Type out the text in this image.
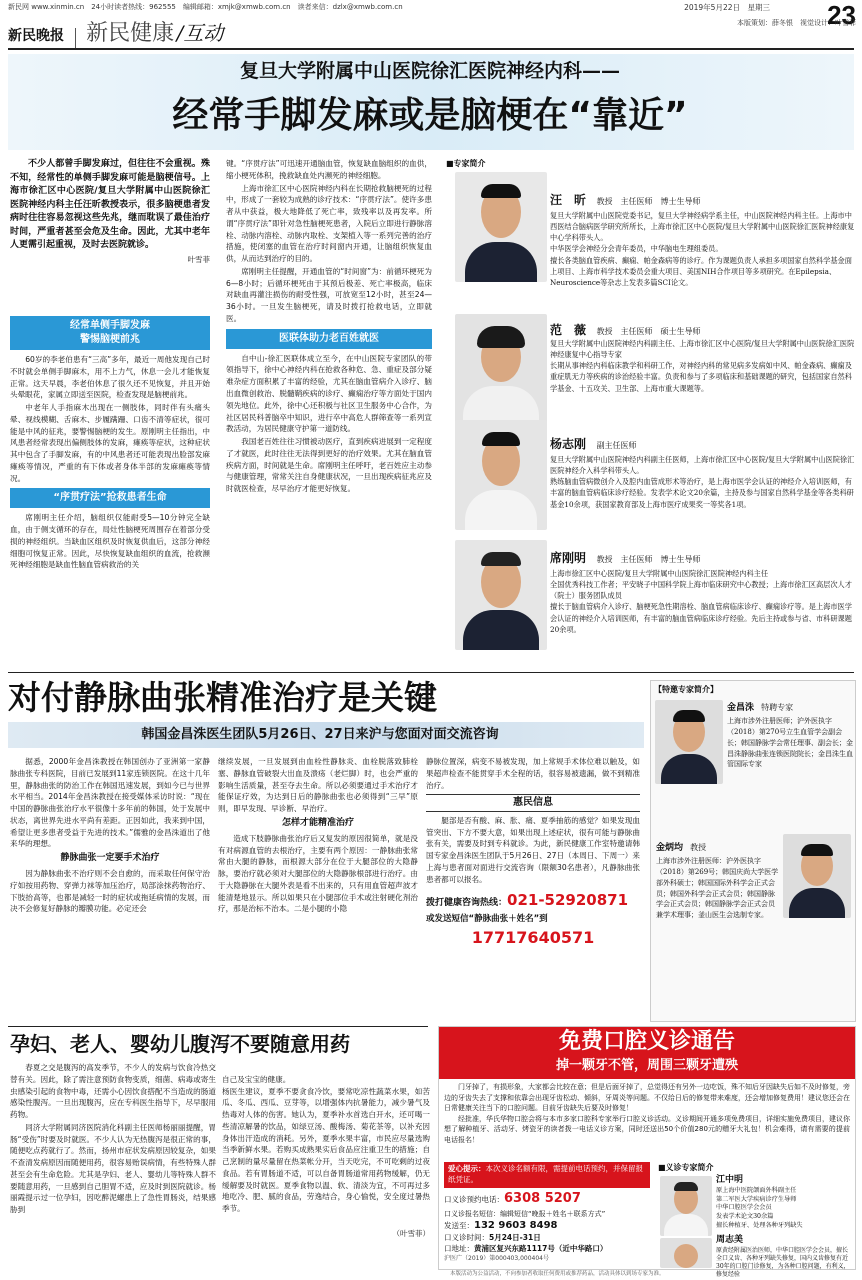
新民网 www.xinmin.cn　24小时读者热线：962555　编辑邮箱：xmjk@xmwb.com.cn　读者来信：dzlx@xmwb.com.cn	2019年5月22日　星期三	23
新民晚报 新民健康 /互动	本版策划：薛冬银　视觉设计：叶雪菲
复旦大学附属中山医院徐汇医院神经内科——
经常手脚发麻或是脑梗在“靠近”

不少人都曾手脚发麻过，但往往不会重视。殊不知，经常性的单侧手脚发麻可能是脑梗信号。上海市徐汇区中心医院/复旦大学附属中山医院徐汇医院神经内科主任汪昕教授表示，很多脑梗患者发病时往往容易忽视这些先兆，继而耽误了最佳治疗时间，严重者甚至会危及生命。因此，尤其中老年人更需引起重视，及时去医院就诊。

叶雪菲
经常单侧手脚发麻
警惕脑梗前兆

60岁的李老伯患有“三高”多年，最近一周他发现自己时不时就会单侧手脚麻木，用不上力气，休息一会儿才能恢复正常。这天早晨，李老伯休息了很久还不见恢复，并且开始头晕眼花，家属立即送至医院，检查发现是脑梗前兆。

中老年人手指麻木出现在一侧肢体，同时伴有头痛头晕、视线模糊、舌麻木、步履蹒跚、口齿不清等症状，很可能是中风的征兆，要警惕脑梗的发生。原刚明主任指出，中风患者经常表现出偏侧肢体的发麻，瘫痪等症状，这种症状其中包含了手脚发麻，有的中风患者还可能表现出脸部发麻瘫痪等情况，严重的有下体或者身体半部的发麻瘫痪等情况。

“序贯疗法”抢救患者生命

席刚明主任介绍，脑组织仅能耐受5—10分钟完全缺血，由于侧支循环的存在，局灶性脑梗死周围存在着部分受损的神经组织。当缺血区组织及时恢复供血后，这部分神经细胞可恢复正常。因此，尽快恢复缺血组织的血流，抢救濒死神经细胞是缺血性脑血管病救治的关

键。“序贯疗法”可迅速开通脑血管，恢复缺血脑组织的血供，缩小梗死体积，挽救缺血处内濒死的神经细胞。

上海市徐汇区中心医院神经内科在长期抢救脑梗死的过程中，形成了一套较为成熟的诊疗技术：“序贯疗法”。使许多患者从中获益，极大地降低了死亡率，致残率以及再发率。所谓“序贯疗法”即针对急性脑梗死患者，入院后立即进行静脉溶栓、动脉内溶栓、动脉内取栓、支架植入等一系列完善的治疗措施，使闭塞的血管在治疗时间窗内开通，让脑组织恢复血供，从而达到治疗的目的。

席刚明主任提醒，开通血管的“时间窗”为：前循环梗死为6—8小时；后循环梗死由于其预后极差、死亡率极高，临床对缺血再灌注损伤的耐受性强，可放宽至12小时，甚至24—36小时。一旦发生脑梗死，请及时拨打抢救电话，立即就医。

医联体助力老百姓就医

自中山-徐汇医联体成立至今，在中山医院专家团队的带领指导下，徐中心神经内科在抢救各种危、急、重症及部分疑难杂症方面积累了丰富的经验，尤其在脑血管病介入诊疗、脑出血微创救治、脱髓鞘疾病的诊疗、癫痫治疗等方面处于国内领先地位。此外，徐中心还积极与社区卫生服务中心合作，为社区居民科普脑卒中知识，进行卒中高危人群筛查等一系列宣教活动，为居民健康守护第一道防线。

我国老百姓往往习惯被动医疗，直到疾病进展到一定程度了才就医，此时往往无法得到更好的治疗效果。尤其在脑血管疾病方面，时间就是生命。席刚明主任呼吁，老百姓应主动参与健康管理，常常关注自身健康状况，一旦出现疾病征兆应及时就医检查，尽早治疗才能更好恢复。

■专家简介
汪　昕 教授　主任医师　博士生导师
复旦大学附属中山医院党委书记，复旦大学神经病学系主任，中山医院神经内科主任。上海市中西医结合脑病医学研究所所长，上海市徐汇区中心医院/复旦大学附属中山医院徐汇医院神经康复中心学科带头人。
中华医学会神经分会青年委员，中华脑电生理组委员。
擅长各类脑血管疾病、癫痫、帕金森病等的诊疗。作为课题负责人承担多项国家自然科学基金面上项目、上海市科学技术委员会重大项目、美国NIH合作项目等多项研究。在Epilepsia、Neuroscience等杂志上发表多篇SCI论文。
范　薇 教授　主任医师　硕士生导师
复旦大学附属中山医院神经内科副主任、上海市徐汇区中心医院/复旦大学附属中山医院徐汇医院神经康复中心指导专家
长期从事神经内科临床教学和科研工作，对神经内科的常见病多发病如中风、帕金森病、癫痫及重症肌无力等疾病的诊治经验丰富。负责和参与了多项临床和基础课题的研究，包括国家自然科学基金、十五攻关、卫生部、上海市重大课题等。
杨志刚 副主任医师
复旦大学附属中山医院神经内科副主任医师，上海市徐汇区中心医院/复旦大学附属中山医院徐汇医院神经介入科学科带头人。
熟练脑血管病微创介入及腔内血管成形术等治疗，是上海市医学会认证的神经介入培训医师，有丰富的脑血管病临床诊疗经验。发表学术论文20余篇，主持及参与国家自然科学基金等各类科研基金10余项，获国家教育部及上海市医疗成果奖一等奖各1项。
席刚明 教授　主任医师　博士生导师
上海市徐汇区中心医院/复旦大学附属中山医院徐汇医院神经内科主任
全国优秀科技工作者；平安晓子中国科学院上海市临床研究中心教授；上海市徐汇区高层次人才（院士）服务团队成员
擅长于脑血管病介入诊疗、脑梗死急性期溶栓、脑血管病临床诊疗、癫痫诊疗等。是上海市医学会认证的神经介入培训医师，有丰富的脑血管病临床诊疗经验。先后主持或参与省、市科研课题20余项。
对付静脉曲张精准治疗是关键
韩国金昌洙医生团队5月26日、27日来沪与您面对面交流咨询

据悉，2000年金昌洙教授在韩国创办了亚洲第一家静脉曲张专科医院，目前已发展到11家连锁医院。在这十几年里，静脉曲张的防治工作在韩国迅速发展，到如今已与世界水平相当。2014年金昌洙教授在接受媒体采访时说：“现在中国的静脉曲张治疗水平很像十多年前的韩国，处于发展中状态，离世界先进水平尚有差距。正因如此，我来到中国，希望让更多患者受益于先进的技术。”儒雅的金昌洙道出了他来华的理想。

静脉曲张一定要手术治疗

因为静脉曲张不治疗则不会自愈的，而采取任何保守治疗如按用药物、穿弹力袜等加压治疗，局部涂抹药物治疗、下肢抬高等，也都是减轻一时的症状或拖延病情的发展，而决不会修复好静脉的瓣膜功能。必定还会

继续发展，一旦发展到由血栓性静脉炎、血栓脱落致肺栓塞、静脉血管破裂大出血及溃疡（老烂脚）时，也会严重的影响生活质量，甚至夺去生命。所以必须要通过手术治疗才能保证疗效，为达到日后的静脉曲张也必须得到“三早”原则，即早发现、早诊断、早治疗。

怎样才能精准治疗

造成下肢静脉曲张治疗后又复发的原因很简单，就是没有对病源血管的去根治疗，主要有两个原因：一静脉曲张常常由大腿的静脉，而根源大部分在位于大腿部位的大隐静脉，要治疗就必须对大腿部位的大隐静脉根部进行治疗。由于大隐静脉在大腿外表是看不出来的，只有用血管超声波才能清楚地显示。所以如果只在小腿部位手术或注射硬化剂治疗，那是治标不治本。二是小腿的小隐

静脉位置深，病变不易被发现，加上常规手术体位难以触及，如果超声检查不能贯穿手术全程的话，很容易被遗漏，做不到精准治疗。

惠民信息

腿部是否有酸、麻、胀、痛、夏季抽筋的感觉？如果发现血管突出、下方不要大意，如果出现上述症状，很有可能与静脉曲张有关，需要及时到专科就诊。为此，新民健康工作室特邀请韩国专家金昌洙医生团队于5月26日、27日（本周日、下周一）来上海与患者面对面进行交流咨询（限额30名患者），凡静脉曲张患者都可以报名。

拨打健康咨询热线：021-52920871
或发送短信“静脉曲张＋姓名”到
17717640571
【特邀专家简介】
金昌洙 特聘专家
上海市涉外注册医师；沪外医执字（2018）第270号立生血管学会副会长；韩国静脉学会常任理事、副会长；金昌洙静脉曲张连锁医院院长；金昌洙生血管国际专家
金炳均 教授
上海市涉外注册医师：沪外医执字（2018）第269号；韩国庆尚大学医学部外科硕士；韩国国际外科学会正式会员；韩国外科学会正式会员；韩国静脉学会正式会员；韩国静脉学会正式会员兼学术理事；釜山医生会选制专家。
孕妇、老人、婴幼儿腹泻不要随意用药

春夏之交是腹泻的高发季节，不少人的发病与饮食冷热交替有关。因此，除了需注意预防食物变质，细菌、病毒或寄生虫感染引起的食物中毒，还需小心因饮食搭配不当造成的肠道感染性腹泻。一旦出现腹泻，应在专科医生指导下，尽早服用药物。

同济大学附属同济医院消化科副主任医师杨丽丽提醒，胃肠“受伤”时要及时就医。不少人认为无热腹泻是很正常的事，随便吃点药就行了。然而，扬州市症状发病原因较复杂，如果不查清发病原因而随便用药，很容易贻误病情，有些特殊人群甚至会有生命危险。尤其是孕妇、老人、婴幼儿等特殊人群不要随意用药，一旦感到自己胆胃不适，应及时到医院就诊。杨丽霞提示过一位孕妇，因吃醉泥螺患上了急性胃肠炎，结果感胁到

自己及宝宝的健康。
杨医生建议，夏季不要贪食冷饮，要常吃凉性蔬菜水果，如苦瓜、冬瓜、西瓜、豆芽等，以增强体内抗暑能力，减少暑气及热毒对人体的伤害。她认为，夏季补水首选白开水，还可喝一些清凉解暑的饮品，如绿豆汤、酸梅汤、菊花茶等，以补充因身体出汗造成的消耗。另外，夏季水果丰富，市民应尽量选购当季新鲜水果。若购买成熟果实后食品应注重卫生的措施；自己烹制的量尽量留在热菜帐分开，当天吃完，不可吃剩的过夜食品。若有胃肠道不适，可以自备胃肠道常用药物缓解，仍无缓解要及时就医。夏季食物以温、软、清淡为宜，不可再过多地吃冷、肥、腻的食品，劳逸结合，身心愉悦，安全度过暑热季节。

（叶雪菲）

免费口腔义诊通告
掉一颗牙不管，周围三颗牙遭殃

门牙掉了，有损形象，大家都会比较在意；但是后面牙掉了，总觉得还有另外一边吃饭，殊不知后牙因缺失后如不及时修复，旁边的牙齿失去了支撑和依靠会出现牙齿松动、倾斜，牙周炎等问题。不仅给日后的修复带来难度，还会增加修复费用！建议您还会在日常健康关注当下的口腔问题。目前牙齿缺失后要及时修复！

经批准，华氏华物口腔会将与本市多家口腔科专家举行口腔义诊活动。义诊期间开通多项免费项目，详细实施免费项目，建议你想了解种植牙、活动牙、烤瓷牙的读者拨一电话义诊方案，同时还送出50个价值280元的赠牙大礼包！机会难得，请有需要的提前电话报名！

爱心提示：本次义诊名额有限，需提前电话预约，并保留报纸凭证。
口义诊预约电话：6308 5207
口义诊报名短信：编辑短信“晚报＋姓名＋联系方式”
发送至：132 9603 8498
口义诊时间：5月24日-31日
口地址：黄浦区复兴东路1117号（近中华路口）
沪医广（2019）第000403,000404号
■义诊专家简介
江中明
原上海中医院颌面外科副主任
第二军医大学疾病诊疗生导师
中华口腔医学会会员
发表学术论文30余篇
擅长种植牙、处理各种牙列缺失
周志美
原黄经附属医治医师，中华口腔医学会会员，擅长全口义齿、各种牙列缺失修复，国内义齿修复有近30年的口腔门诊修复，为各种口腔问题，有利义，修复经验
本版活动为公益活动，不向参加者收取任何费用或推荐药品，活动具体以到场专家为准。
